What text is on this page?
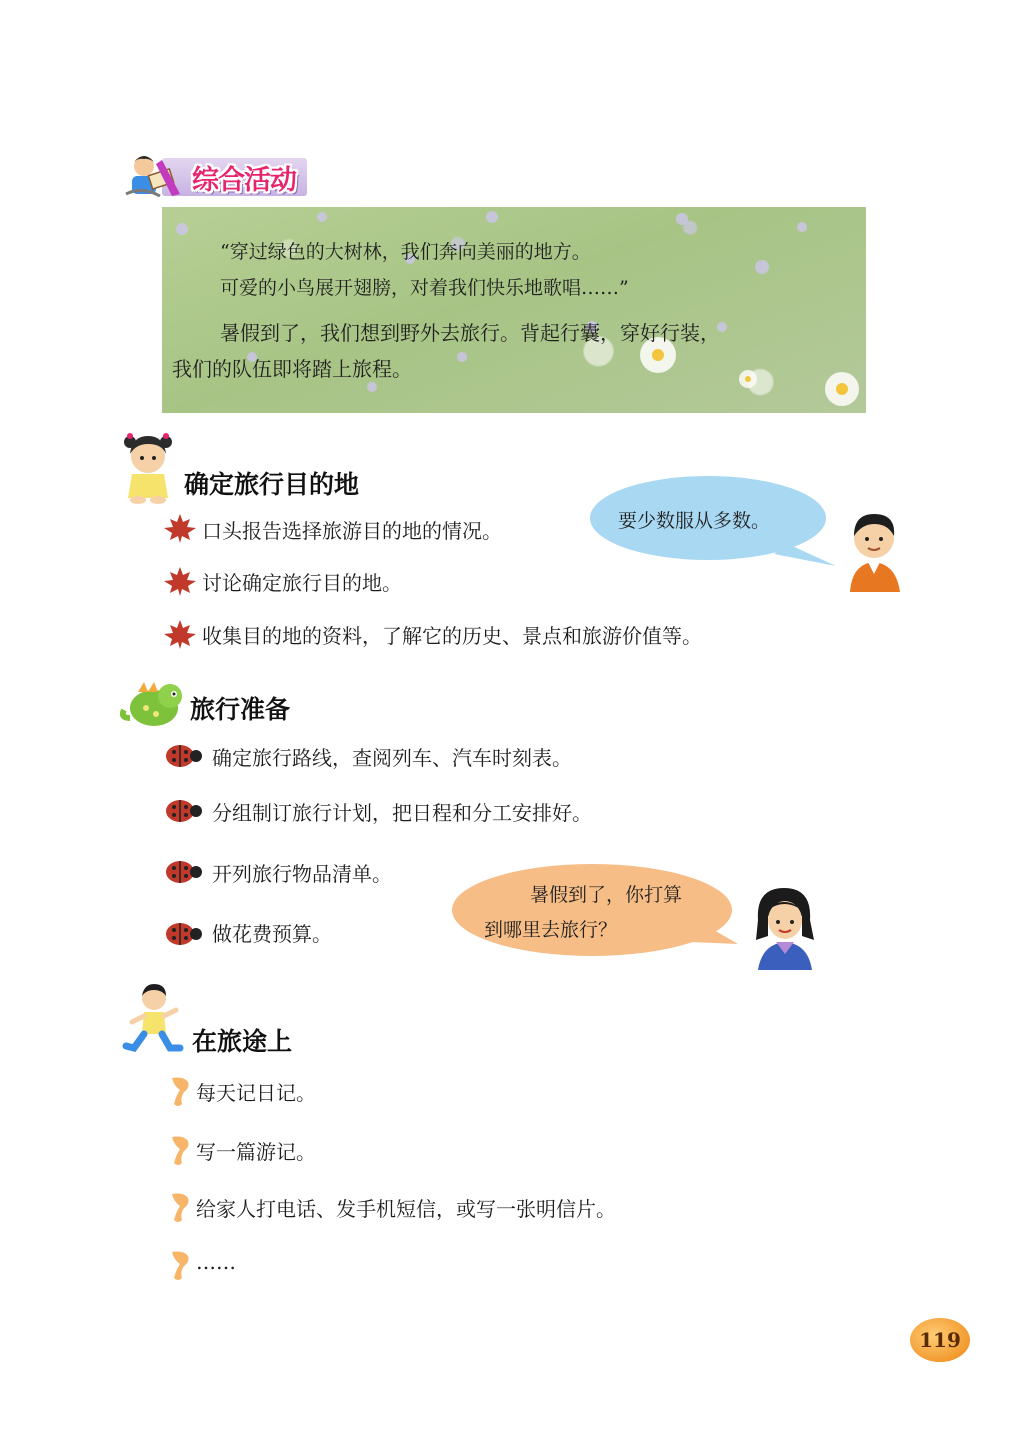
综合活动
“穿过绿色的大树林，我们奔向美丽的地方。
可爱的小鸟展开翅膀，对着我们快乐地歌唱……”
暑假到了，我们想到野外去旅行。背起行囊，穿好行装，
我们的队伍即将踏上旅程。
确定旅行目的地
口头报告选择旅游目的地的情况。
讨论确定旅行目的地。
收集目的地的资料，了解它的历史、景点和旅游价值等。
要少数服从多数。
旅行准备
确定旅行路线，查阅列车、汽车时刻表。
分组制订旅行计划，把日程和分工安排好。
开列旅行物品清单。
做花费预算。
暑假到了，你打算
到哪里去旅行？
在旅途上
每天记日记。
写一篇游记。
给家人打电话、发手机短信，或写一张明信片。
……
119
